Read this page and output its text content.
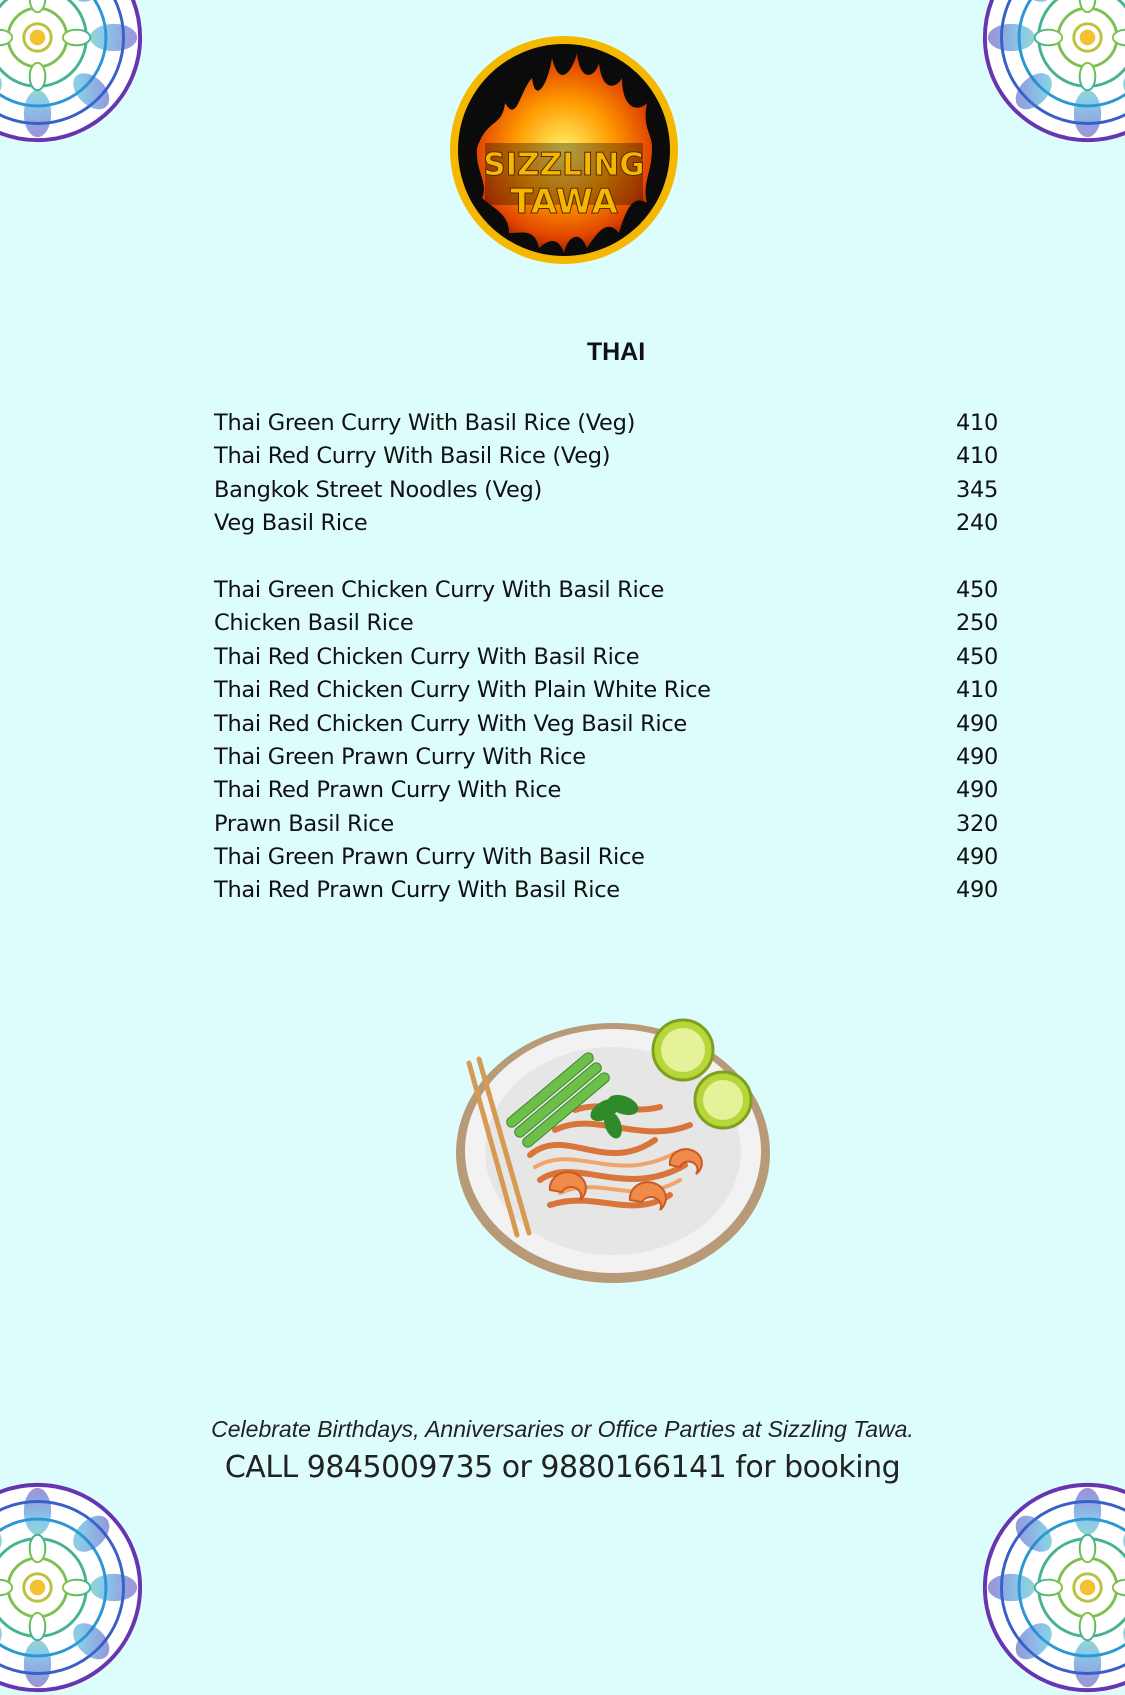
SIZZLING
TAWA
THAI
Thai Green Curry With Basil Rice (Veg)	410
Thai Red Curry With Basil Rice (Veg)	410
Bangkok Street Noodles (Veg)	345
Veg Basil Rice	240
Thai Green Chicken Curry With Basil Rice	450
Chicken Basil Rice	250
Thai Red Chicken Curry With Basil Rice	450
Thai Red Chicken Curry With Plain White Rice	410
Thai Red Chicken Curry With Veg Basil Rice	490
Thai Green Prawn Curry With Rice	490
Thai Red Prawn Curry With Rice	490
Prawn Basil Rice	320
Thai Green Prawn Curry With Basil Rice	490
Thai Red Prawn Curry With Basil Rice	490
Celebrate Birthdays, Anniversaries or Office Parties at Sizzling Tawa.
CALL 9845009735 or 9880166141 for booking
